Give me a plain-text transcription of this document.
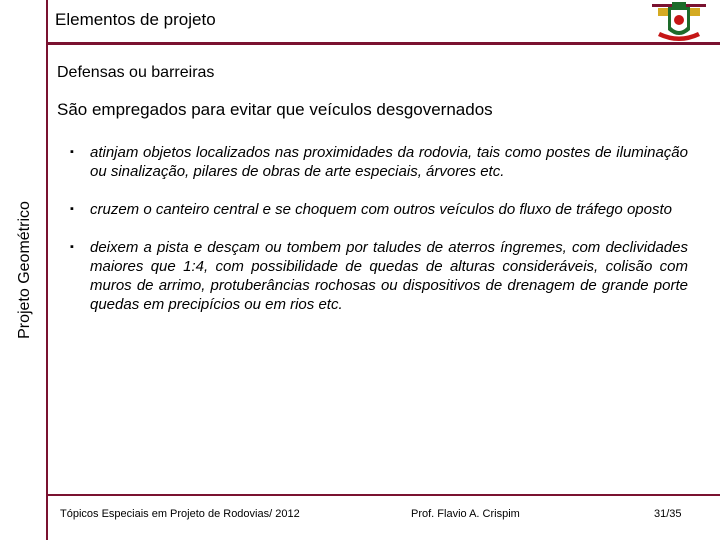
Elementos de projeto
Projeto Geométrico
Defensas ou barreiras
São empregados para evitar que veículos desgovernados
▪ atinjam objetos localizados nas proximidades da rodovia, tais como postes de iluminação ou sinalização, pilares de obras de arte especiais, árvores etc.
▪ cruzem o canteiro central e se choquem com outros veículos do fluxo de tráfego oposto
▪ deixem a pista e desçam ou tombem por taludes de aterros íngremes, com declividades maiores que 1:4, com possibilidade de quedas de alturas consideráveis, colisão com muros de arrimo, protuberâncias rochosas ou dispositivos de drenagem de grande porte quedas em precipícios ou em rios etc.
Tópicos Especiais em Projeto de Rodovias/ 2012	Prof. Flavio A. Crispim	31/35
